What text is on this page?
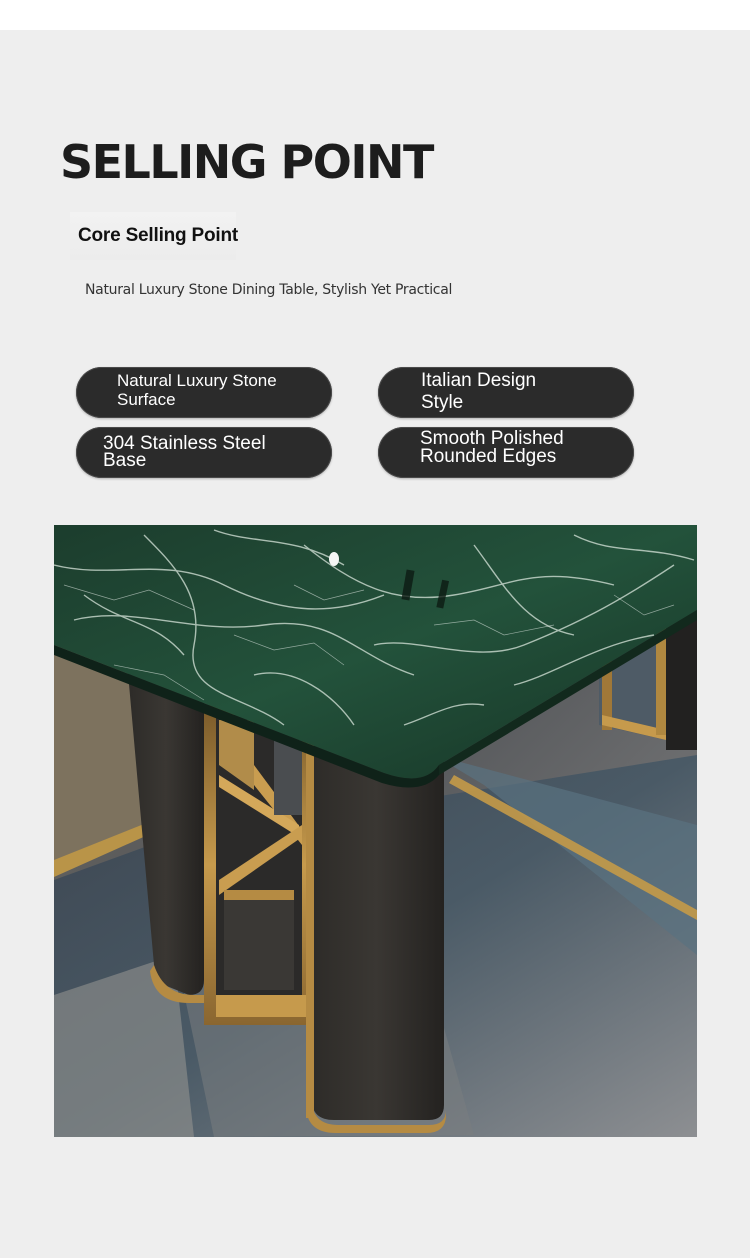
SELLING POINT
Core Selling Point
Natural Luxury Stone Dining Table, Stylish Yet Practical
Natural Luxury Stone
Surface
Italian Design
Style
304 Stainless Steel
Base
Smooth Polished
Rounded Edges
